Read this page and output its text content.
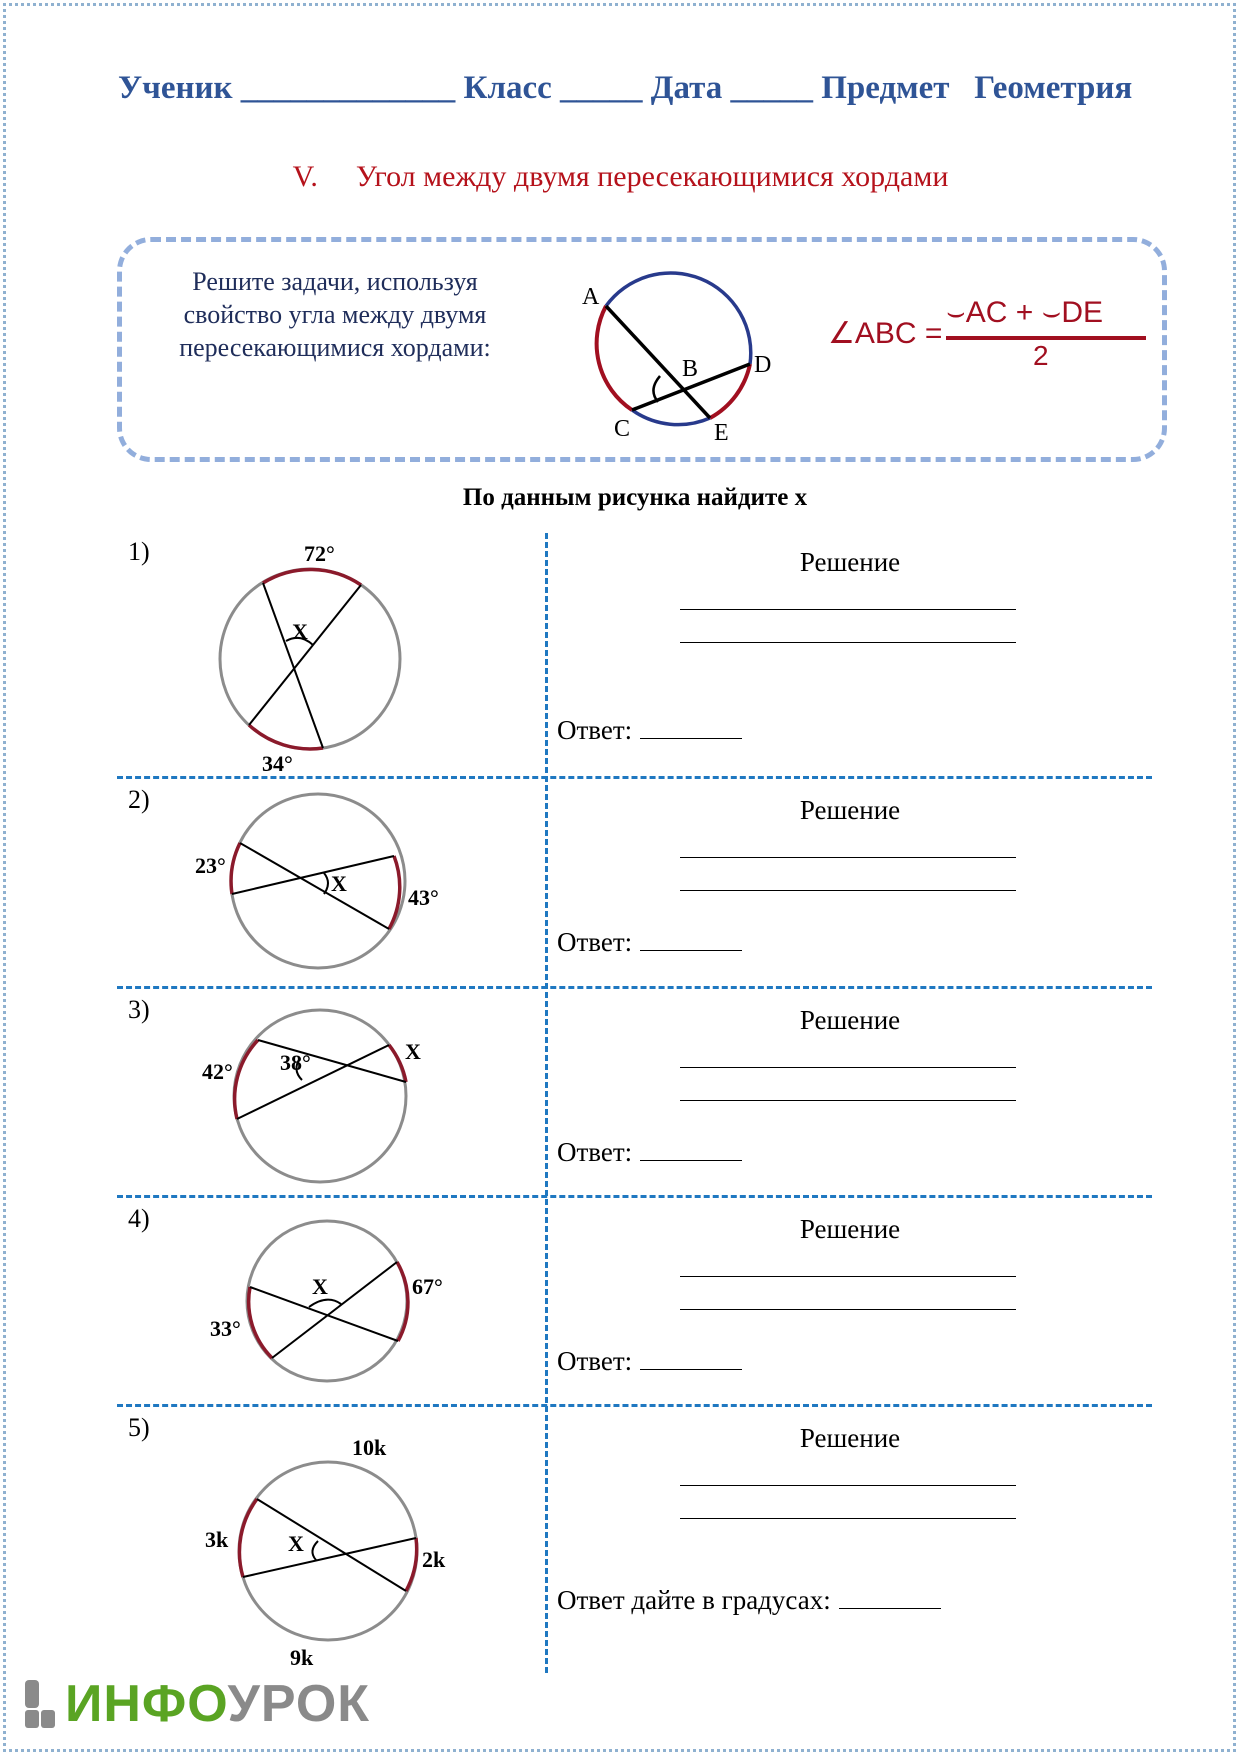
Ученик _____________ Класс _____ Дата _____ Предмет Геометрия
V. Угол между двумя пересекающимися хордами
Решите задачи, используя свойство угла между двумя пересекающимися хордами:
A
B
C
D
E
∠ABC =
⌣AC + ⌣DE
2
По данным рисунка найдите x
1)	72°
X
34°
Решение
Ответ:
2)
23°
X
43°
Решение
Ответ:
3)
42° 38°	X
Решение
Ответ:
4)
X	67°
33°
Решение
Ответ:
5)
10k
3k	X
2k
9k
Решение
Ответ дайте в градусах:
ИНФОУРОК
